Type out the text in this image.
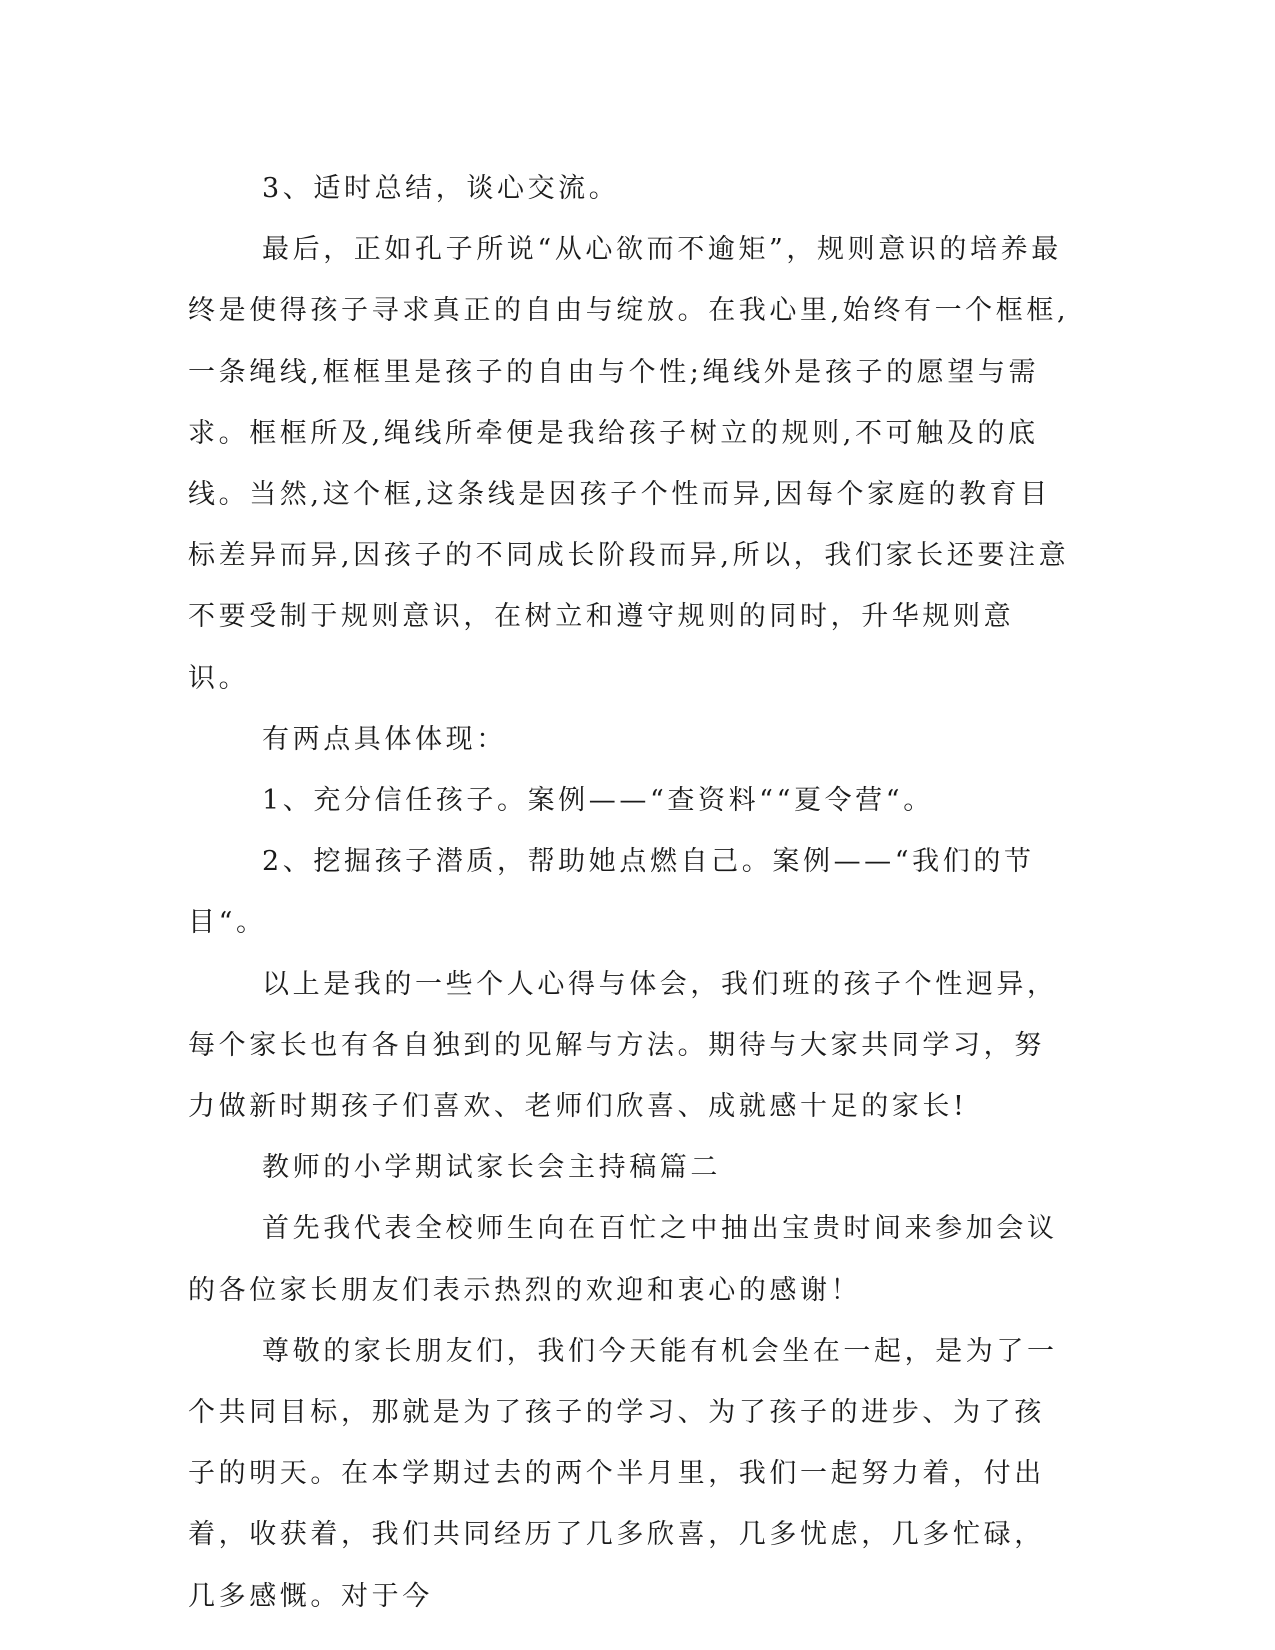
3、适时总结，谈心交流。

最后，正如孔子所说“从心欲而不逾矩”，规则意识的培养最终是使得孩子寻求真正的自由与绽放。在我心里,始终有一个框框,一条绳线,框框里是孩子的自由与个性;绳线外是孩子的愿望与需求。框框所及,绳线所牵便是我给孩子树立的规则,不可触及的底线。当然,这个框,这条线是因孩子个性而异,因每个家庭的教育目标差异而异,因孩子的不同成长阶段而异,所以，我们家长还要注意不要受制于规则意识，在树立和遵守规则的同时，升华规则意识。

有两点具体体现：

1、充分信任孩子。案例——“查资料““夏令营“。

2、挖掘孩子潜质，帮助她点燃自己。案例——“我们的节目“。

以上是我的一些个人心得与体会，我们班的孩子个性迥异，每个家长也有各自独到的见解与方法。期待与大家共同学习，努力做新时期孩子们喜欢、老师们欣喜、成就感十足的家长!

教师的小学期试家长会主持稿篇二

首先我代表全校师生向在百忙之中抽出宝贵时间来参加会议的各位家长朋友们表示热烈的欢迎和衷心的感谢！

尊敬的家长朋友们，我们今天能有机会坐在一起，是为了一个共同目标，那就是为了孩子的学习、为了孩子的进步、为了孩子的明天。在本学期过去的两个半月里，我们一起努力着，付出着，收获着，我们共同经历了几多欣喜，几多忧虑，几多忙碌，几多感慨。对于今
